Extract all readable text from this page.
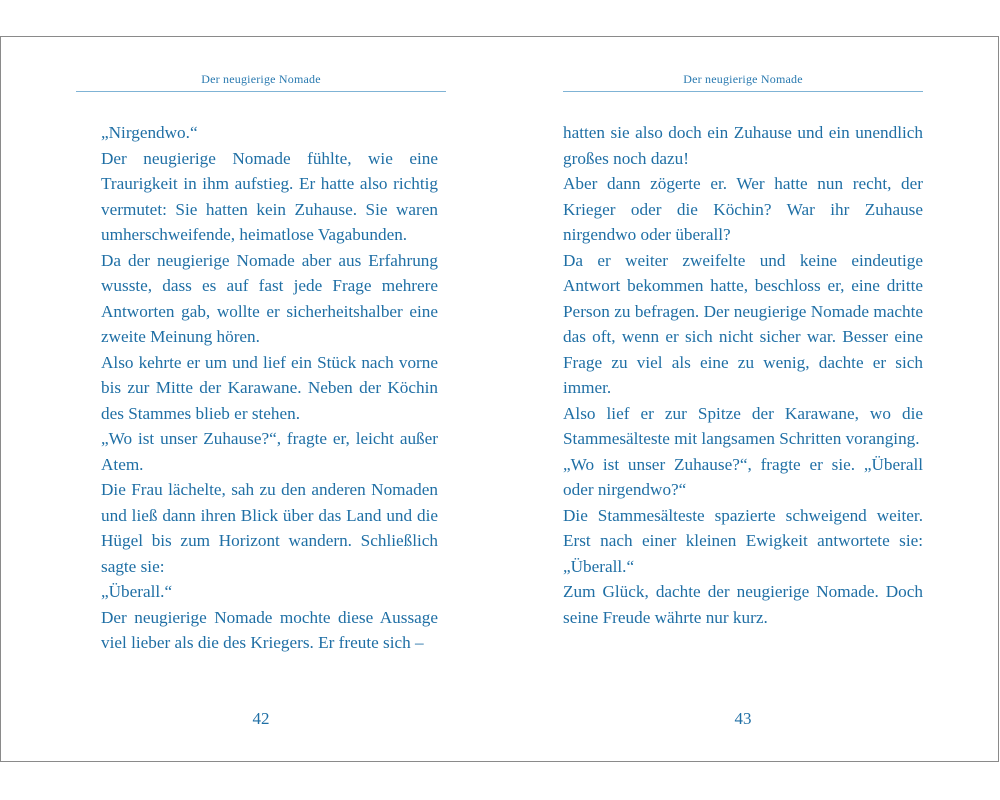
Der neugierige Nomade

„Nirgendwo.“

Der neugierige Nomade fühlte, wie eine Traurigkeit in ihm aufstieg. Er hatte also richtig vermutet: Sie hatten kein Zuhause. Sie waren umherschweifende, heimatlose Vagabunden.

Da der neugierige Nomade aber aus Erfahrung wusste, dass es auf fast jede Frage mehrere Antworten gab, wollte er sicherheitshalber eine zweite Meinung hören.

Also kehrte er um und lief ein Stück nach vorne bis zur Mitte der Karawane. Neben der Köchin des Stammes blieb er stehen.

„Wo ist unser Zuhause?“, fragte er, leicht außer Atem.

Die Frau lächelte, sah zu den anderen Nomaden und ließ dann ihren Blick über das Land und die Hügel bis zum Horizont wandern. Schließlich sagte sie:

„Überall.“

Der neugierige Nomade mochte diese Aussage viel lieber als die des Kriegers. Er freute sich –

42
Der neugierige Nomade

hatten sie also doch ein Zuhause und ein unendlich großes noch dazu!

Aber dann zögerte er. Wer hatte nun recht, der Krieger oder die Köchin? War ihr Zuhause nirgendwo oder überall?

Da er weiter zweifelte und keine eindeutige Antwort bekommen hatte, beschloss er, eine dritte Person zu befragen. Der neugierige Nomade machte das oft, wenn er sich nicht sicher war. Besser eine Frage zu viel als eine zu wenig, dachte er sich immer.

Also lief er zur Spitze der Karawane, wo die Stammesälteste mit langsamen Schritten voranging.

„Wo ist unser Zuhause?“, fragte er sie. „Überall oder nirgendwo?“

Die Stammesälteste spazierte schweigend weiter. Erst nach einer kleinen Ewigkeit antwortete sie: „Überall.“

Zum Glück, dachte der neugierige Nomade. Doch seine Freude währte nur kurz.

43
